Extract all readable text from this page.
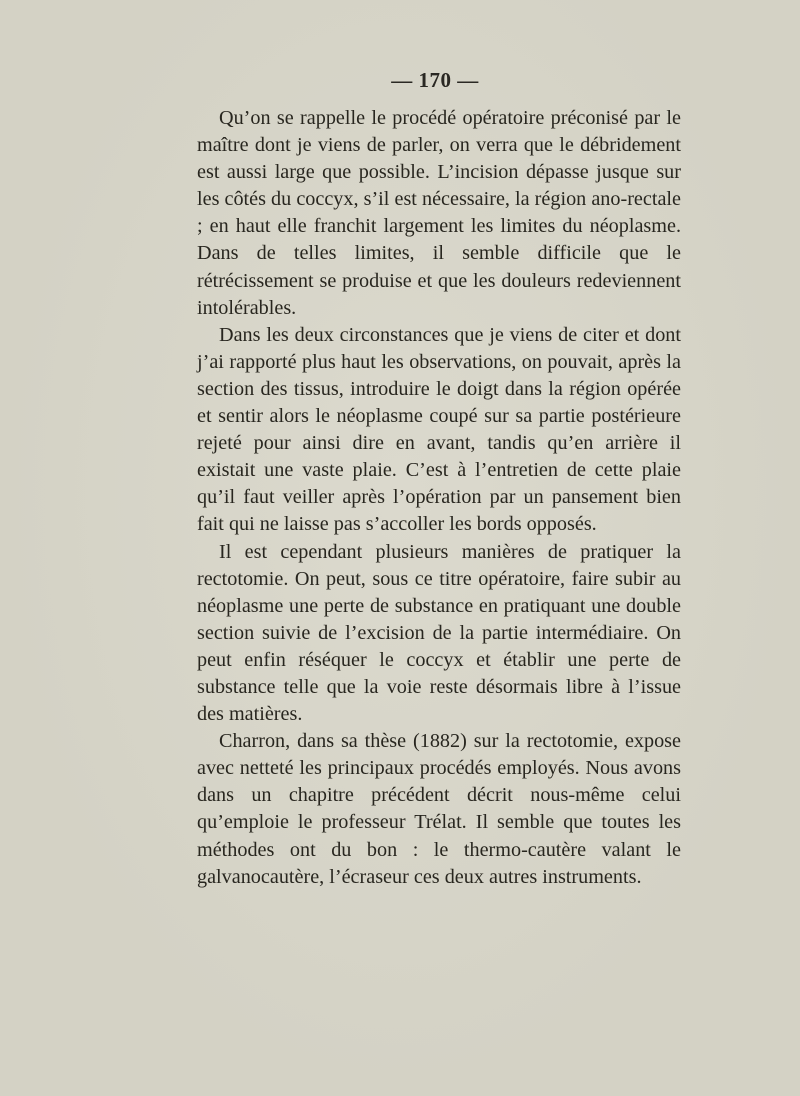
— 170 —

Qu’on se rappelle le procédé opératoire préconisé par le maître dont je viens de parler, on verra que le débridement est aussi large que possible. L’incision dépasse jusque sur les côtés du coccyx, s’il est nécessaire, la région ano-rectale ; en haut elle franchit largement les limites du néoplasme. Dans de telles limites, il semble difficile que le rétrécissement se produise et que les douleurs redeviennent intolérables.

Dans les deux circonstances que je viens de citer et dont j’ai rapporté plus haut les observations, on pouvait, après la section des tissus, introduire le doigt dans la région opérée et sentir alors le néoplasme coupé sur sa partie postérieure rejeté pour ainsi dire en avant, tandis qu’en arrière il existait une vaste plaie. C’est à l’entretien de cette plaie qu’il faut veiller après l’opération par un pansement bien fait qui ne laisse pas s’accoller les bords opposés.

Il est cependant plusieurs manières de pratiquer la rectotomie. On peut, sous ce titre opératoire, faire subir au néoplasme une perte de substance en pratiquant une double section suivie de l’excision de la partie intermédiaire. On peut enfin réséquer le coccyx et établir une perte de substance telle que la voie reste désormais libre à l’issue des matières.

Charron, dans sa thèse (1882) sur la rectotomie, expose avec netteté les principaux procédés employés. Nous avons dans un chapitre précédent décrit nous-même celui qu’emploie le professeur Trélat. Il semble que toutes les méthodes ont du bon : le thermo-cautère valant le galvanocautère, l’écraseur ces deux autres instruments.
